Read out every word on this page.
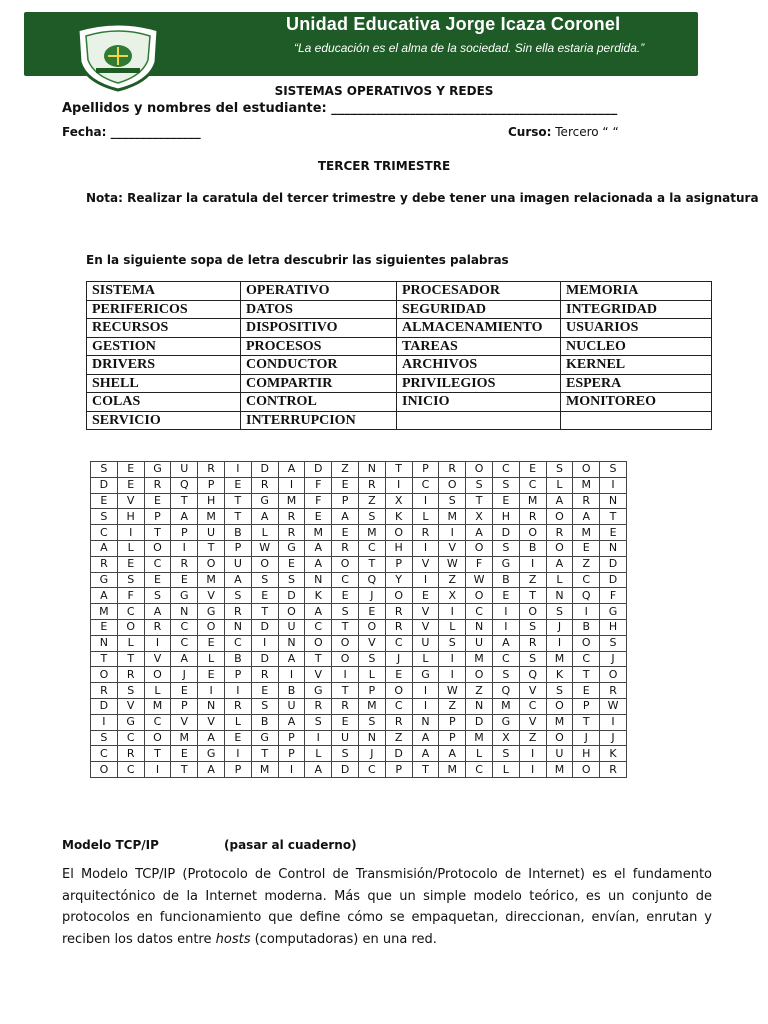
Unidad Educativa Jorge Icaza Coronel
“La educación es el alma de la sociedad. Sin ella estaria perdida.”
SISTEMAS OPERATIVOS Y REDES
Apellidos y nombres del estudiante: ____________________________________________
Fecha: _______________	Curso: Tercero “ “
TERCER TRIMESTRE
Nota: Realizar la caratula del tercer trimestre y debe tener una imagen relacionada a la asignatura
En la siguiente sopa de letra descubrir las siguientes palabras
SISTEMA	OPERATIVO	PROCESADOR	MEMORIA
PERIFERICOS	DATOS	SEGURIDAD	INTEGRIDAD
RECURSOS	DISPOSITIVO	ALMACENAMIENTO	USUARIOS
GESTION	PROCESOS	TAREAS	NUCLEO
DRIVERS	CONDUCTOR	ARCHIVOS	KERNEL
SHELL	COMPARTIR	PRIVILEGIOS	ESPERA
COLAS	CONTROL	INICIO	MONITOREO
SERVICIO	INTERRUPCION		
S	E	G	U	R	I	D	A	D	Z	N	T	P	R	O	C	E	S	O	S
D	E	R	Q	P	E	R	I	F	E	R	I	C	O	S	S	C	L	M	I
E	V	E	T	H	T	G	M	F	P	Z	X	I	S	T	E	M	A	R	N
S	H	P	A	M	T	A	R	E	A	S	K	L	M	X	H	R	O	A	T
C	I	T	P	U	B	L	R	M	E	M	O	R	I	A	D	O	R	M	E
A	L	O	I	T	P	W	G	A	R	C	H	I	V	O	S	B	O	E	N
R	E	C	R	O	U	O	E	A	O	T	P	V	W	F	G	I	A	Z	D
G	S	E	E	M	A	S	S	N	C	Q	Y	I	Z	W	B	Z	L	C	D
A	F	S	G	V	S	E	D	K	E	J	O	E	X	O	E	T	N	Q	F
M	C	A	N	G	R	T	O	A	S	E	R	V	I	C	I	O	S	I	G
E	O	R	C	O	N	D	U	C	T	O	R	V	L	N	I	S	J	B	H
N	L	I	C	E	C	I	N	O	O	V	C	U	S	U	A	R	I	O	S
T	T	V	A	L	B	D	A	T	O	S	J	L	I	M	C	S	M	C	J
O	R	O	J	E	P	R	I	V	I	L	E	G	I	O	S	Q	K	T	O
R	S	L	E	I	I	E	B	G	T	P	O	I	W	Z	Q	V	S	E	R
D	V	M	P	N	R	S	U	R	R	M	C	I	Z	N	M	C	O	P	W
I	G	C	V	V	L	B	A	S	E	S	R	N	P	D	G	V	M	T	I
S	C	O	M	A	E	G	P	I	U	N	Z	A	P	M	X	Z	O	J	J
C	R	T	E	G	I	T	P	L	S	J	D	A	A	L	S	I	U	H	K
O	C	I	T	A	P	M	I	A	D	C	P	T	M	C	L	I	M	O	R
Modelo TCP/IP	(pasar al cuaderno)
El Modelo TCP/IP (Protocolo de Control de Transmisión/Protocolo de Internet) es el fundamento arquitectónico de la Internet moderna. Más que un simple modelo teórico, es un conjunto de protocolos en funcionamiento que define cómo se empaquetan, direccionan, envían, enrutan y reciben los datos entre hosts (computadoras) en una red.
